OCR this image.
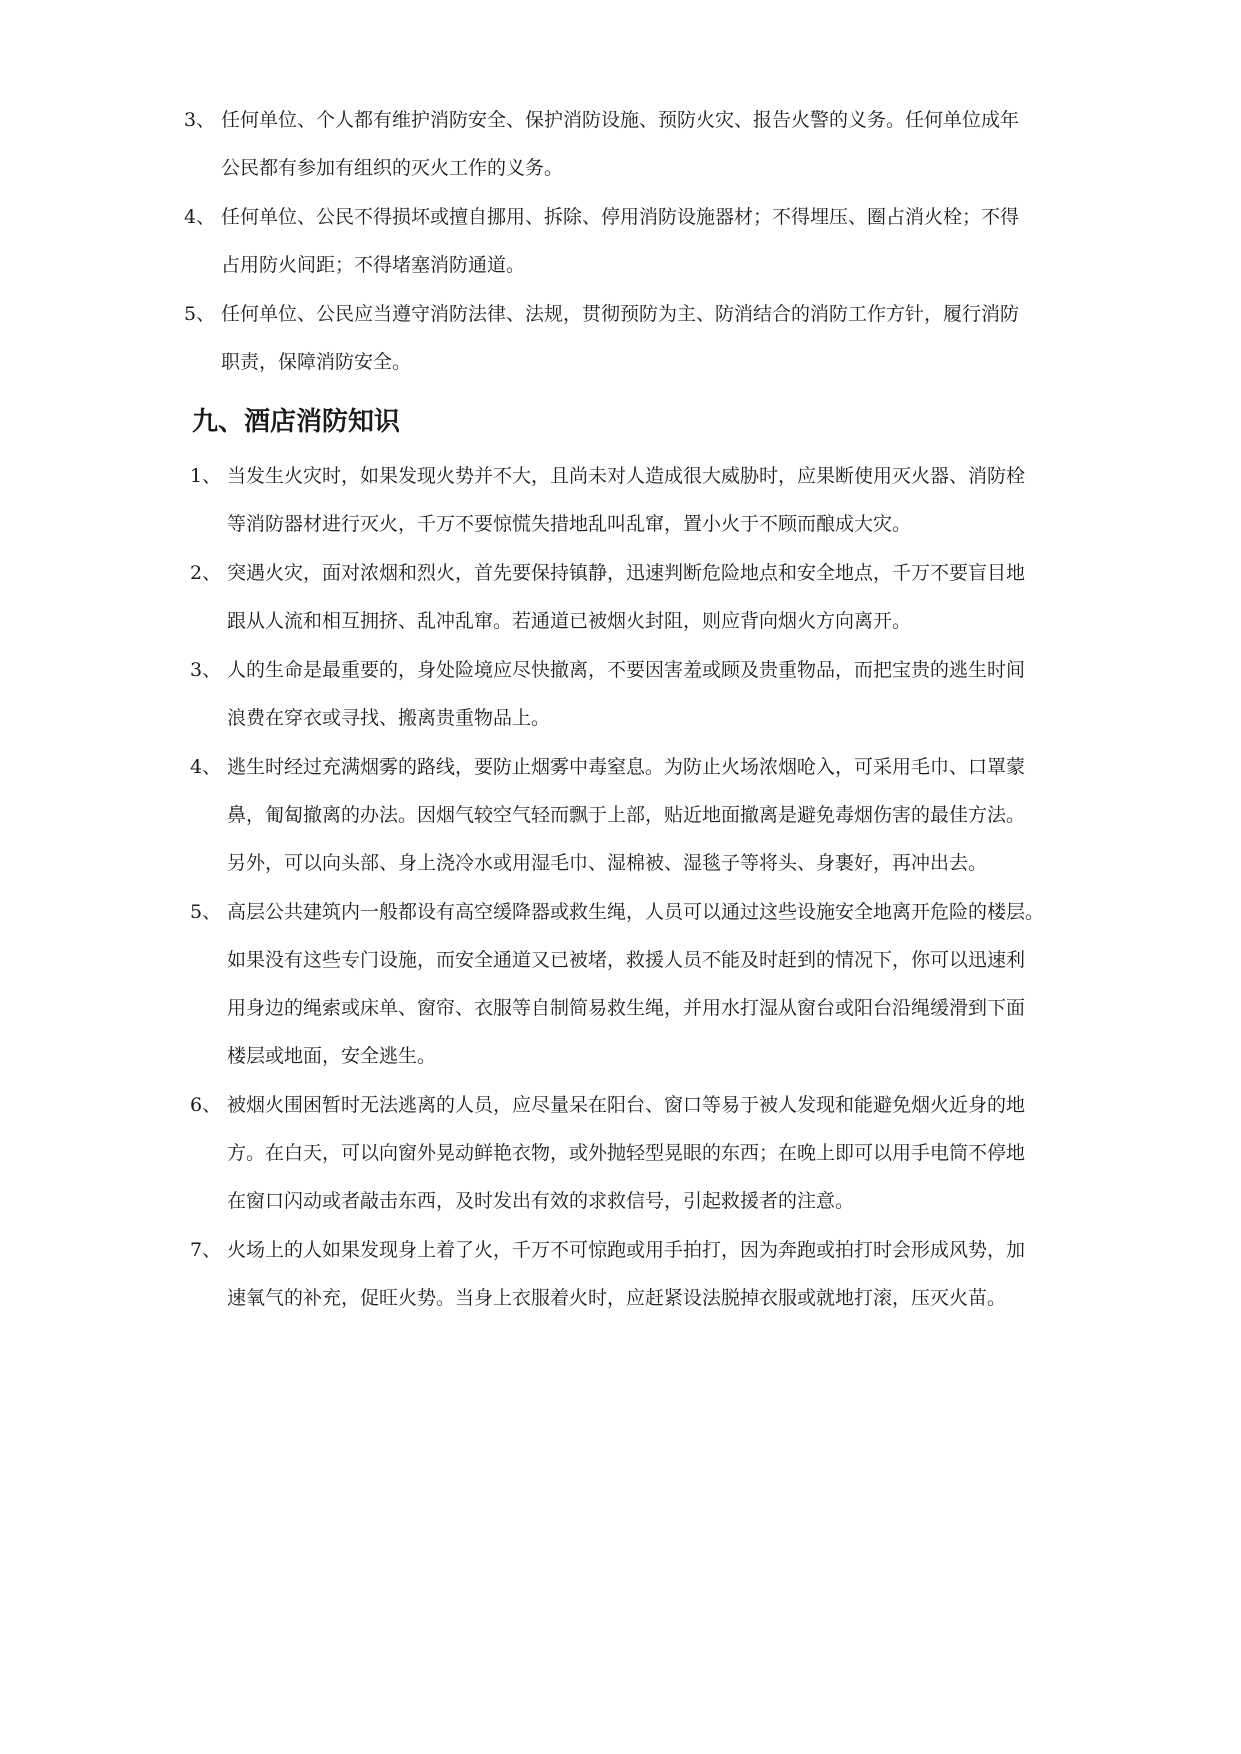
3、 任何单位、个人都有维护消防安全、保护消防设施、预防火灾、报告火警的义务。任何单位成年
公民都有参加有组织的灭火工作的义务。
4、 任何单位、公民不得损坏或擅自挪用、拆除、停用消防设施器材；不得埋压、圈占消火栓；不得
占用防火间距；不得堵塞消防通道。
5、 任何单位、公民应当遵守消防法律、法规，贯彻预防为主、防消结合的消防工作方针，履行消防
职责，保障消防安全。
九、酒店消防知识
1、 当发生火灾时，如果发现火势并不大，且尚未对人造成很大威胁时，应果断使用灭火器、消防栓
等消防器材进行灭火，千万不要惊慌失措地乱叫乱窜，置小火于不顾而酿成大灾。
2、 突遇火灾，面对浓烟和烈火，首先要保持镇静，迅速判断危险地点和安全地点，千万不要盲目地
跟从人流和相互拥挤、乱冲乱窜。若通道已被烟火封阻，则应背向烟火方向离开。
3、 人的生命是最重要的，身处险境应尽快撤离，不要因害羞或顾及贵重物品，而把宝贵的逃生时间
浪费在穿衣或寻找、搬离贵重物品上。
4、 逃生时经过充满烟雾的路线，要防止烟雾中毒窒息。为防止火场浓烟呛入，可采用毛巾、口罩蒙
鼻，匍匐撤离的办法。因烟气较空气轻而飘于上部，贴近地面撤离是避免毒烟伤害的最佳方法。
另外，可以向头部、身上浇冷水或用湿毛巾、湿棉被、湿毯子等将头、身裹好，再冲出去。
5、 高层公共建筑内一般都设有高空缓降器或救生绳，人员可以通过这些设施安全地离开危险的楼层。
如果没有这些专门设施，而安全通道又已被堵，救援人员不能及时赶到的情况下，你可以迅速利
用身边的绳索或床单、窗帘、衣服等自制简易救生绳，并用水打湿从窗台或阳台沿绳缓滑到下面
楼层或地面，安全逃生。
6、 被烟火围困暂时无法逃离的人员，应尽量呆在阳台、窗口等易于被人发现和能避免烟火近身的地
方。在白天，可以向窗外晃动鲜艳衣物，或外抛轻型晃眼的东西；在晚上即可以用手电筒不停地
在窗口闪动或者敲击东西，及时发出有效的求救信号，引起救援者的注意。
7、 火场上的人如果发现身上着了火，千万不可惊跑或用手拍打，因为奔跑或拍打时会形成风势，加
速氧气的补充，促旺火势。当身上衣服着火时，应赶紧设法脱掉衣服或就地打滚，压灭火苗。
